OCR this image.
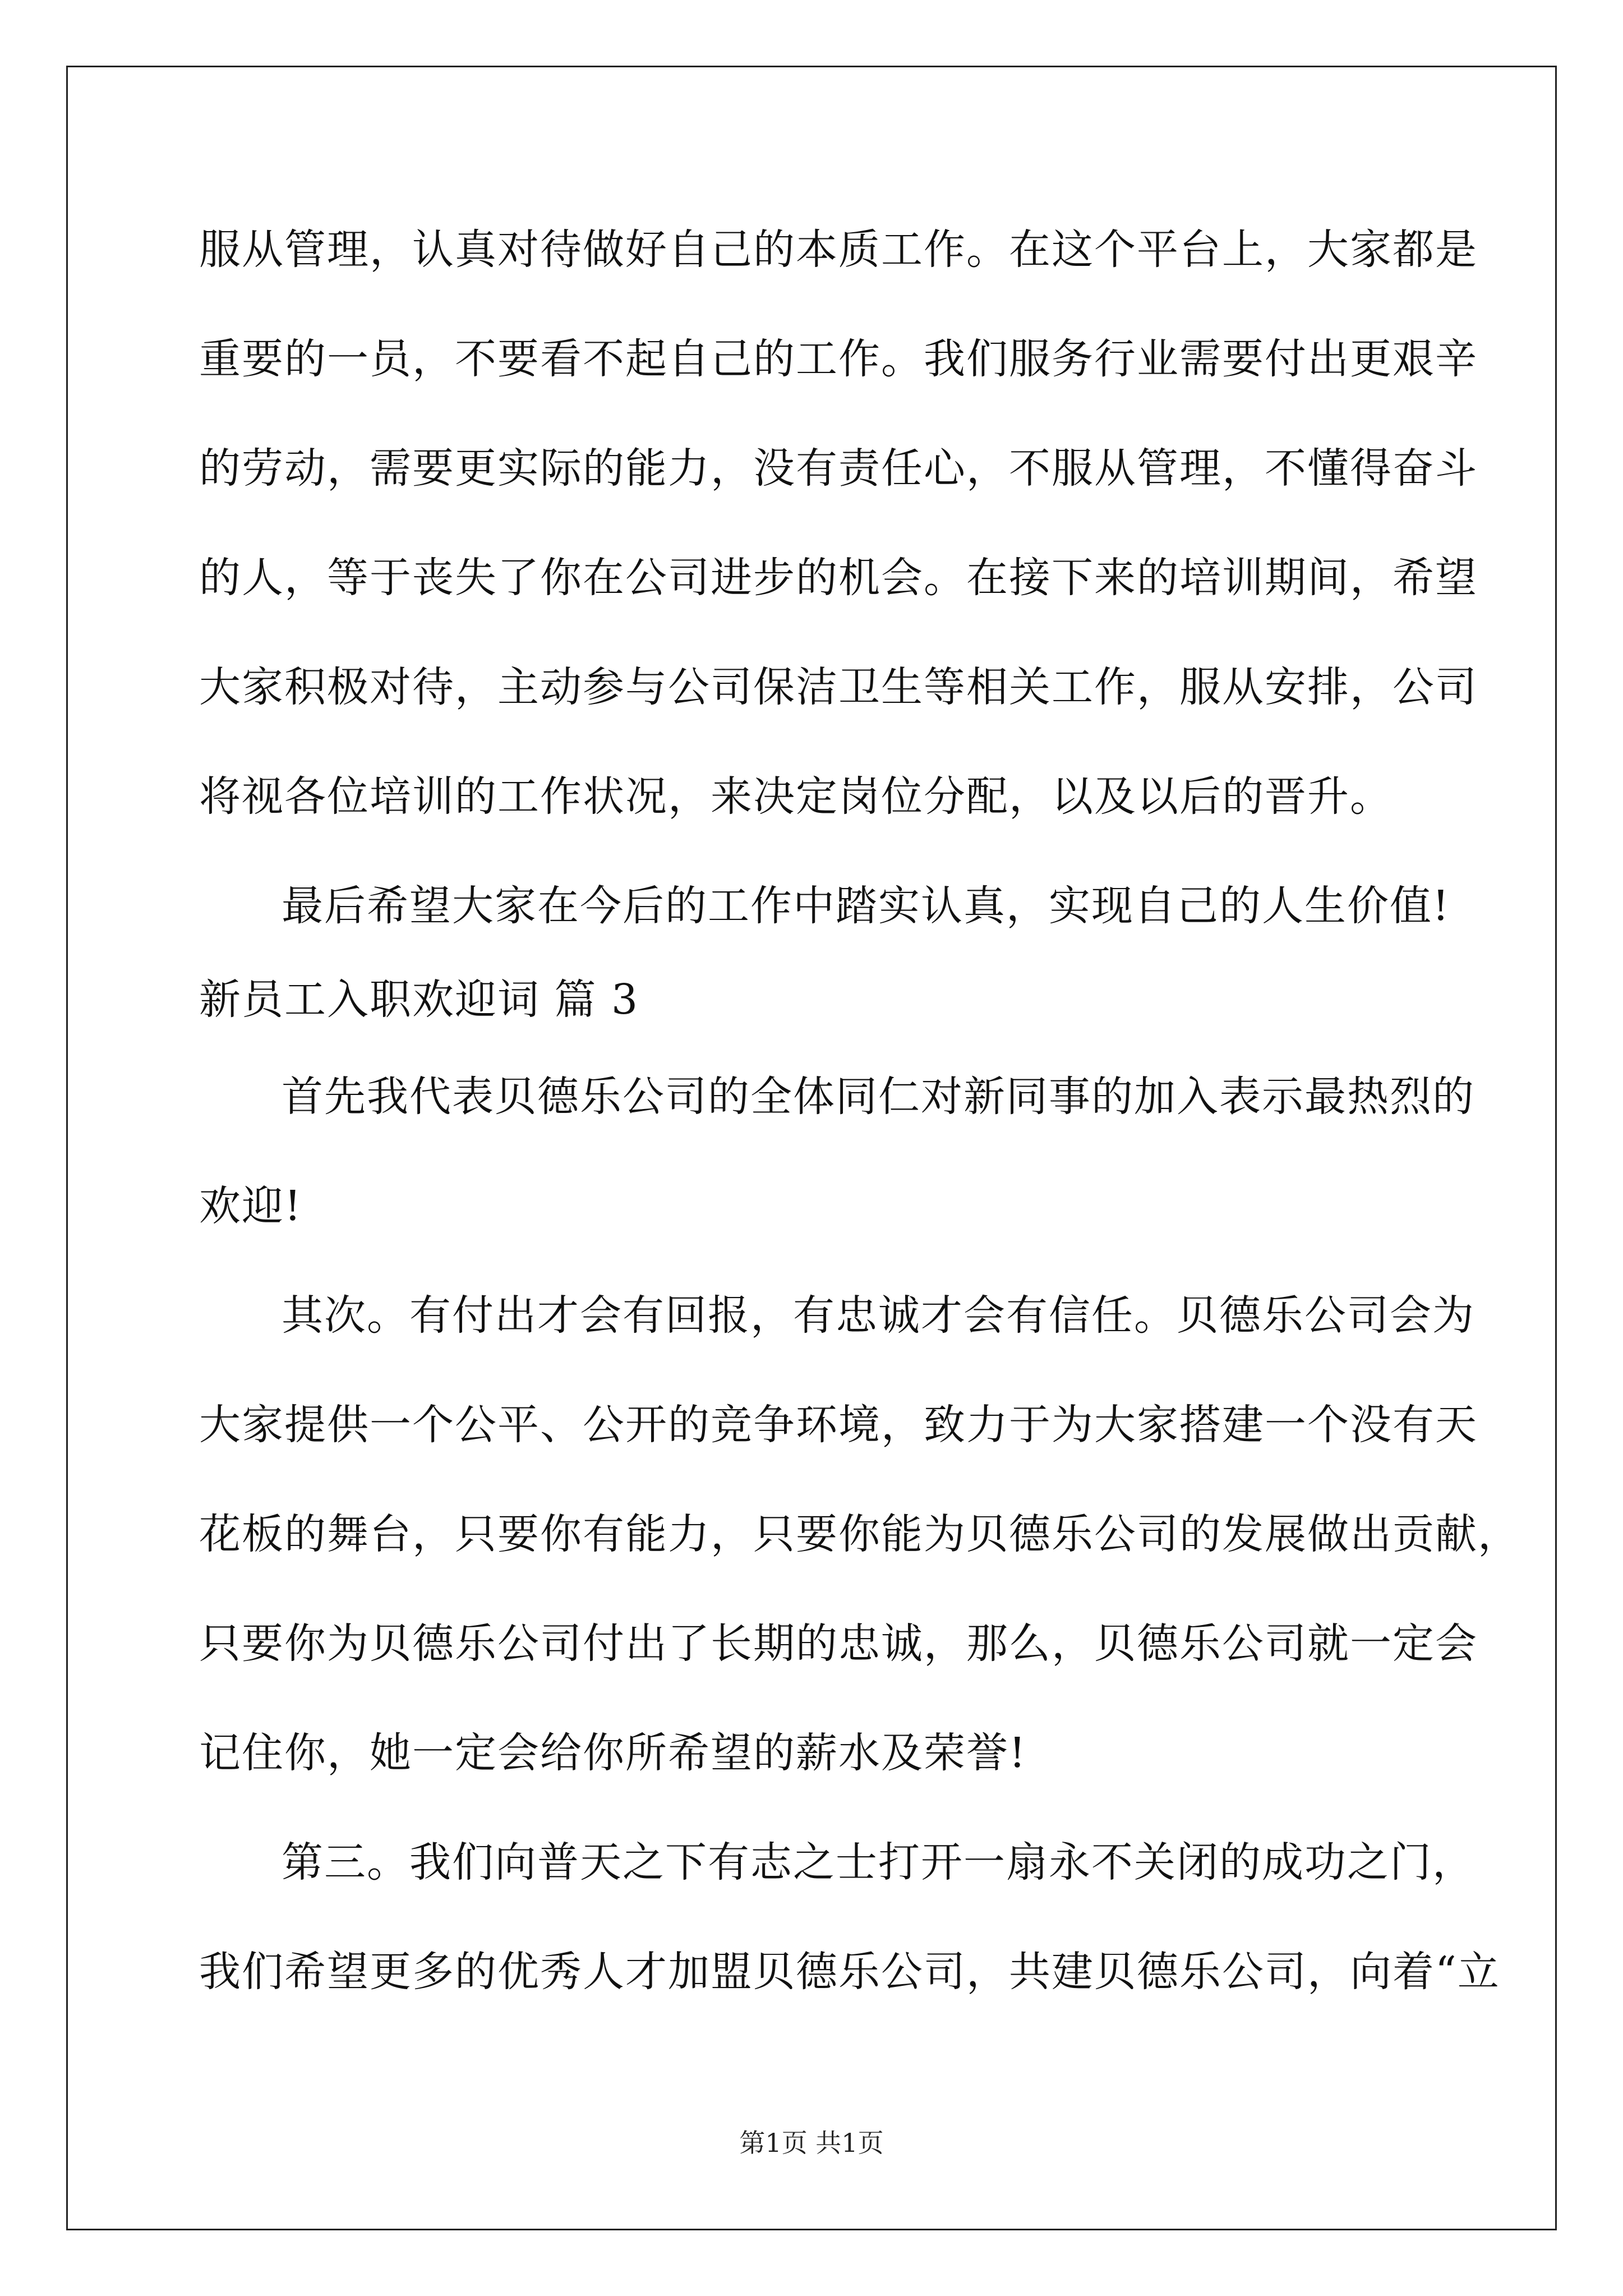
服从管理，认真对待做好自己的本质工作。在这个平台上，大家都是
重要的一员，不要看不起自己的工作。我们服务行业需要付出更艰辛
的劳动，需要更实际的能力，没有责任心，不服从管理，不懂得奋斗
的人，等于丧失了你在公司进步的机会。在接下来的培训期间，希望
大家积极对待，主动参与公司保洁卫生等相关工作，服从安排，公司
将视各位培训的工作状况，来决定岗位分配，以及以后的晋升。
最后希望大家在今后的工作中踏实认真，实现自己的人生价值!
新员工入职欢迎词 篇 3
首先我代表贝德乐公司的全体同仁对新同事的加入表示最热烈的
欢迎!
其次。有付出才会有回报，有忠诚才会有信任。贝德乐公司会为
大家提供一个公平、公开的竞争环境，致力于为大家搭建一个没有天
花板的舞台，只要你有能力，只要你能为贝德乐公司的发展做出贡献，
只要你为贝德乐公司付出了长期的忠诚，那么，贝德乐公司就一定会
记住你，她一定会给你所希望的薪水及荣誉!
第三。我们向普天之下有志之士打开一扇永不关闭的成功之门，
我们希望更多的优秀人才加盟贝德乐公司，共建贝德乐公司，向着“立
第1页 共1页
